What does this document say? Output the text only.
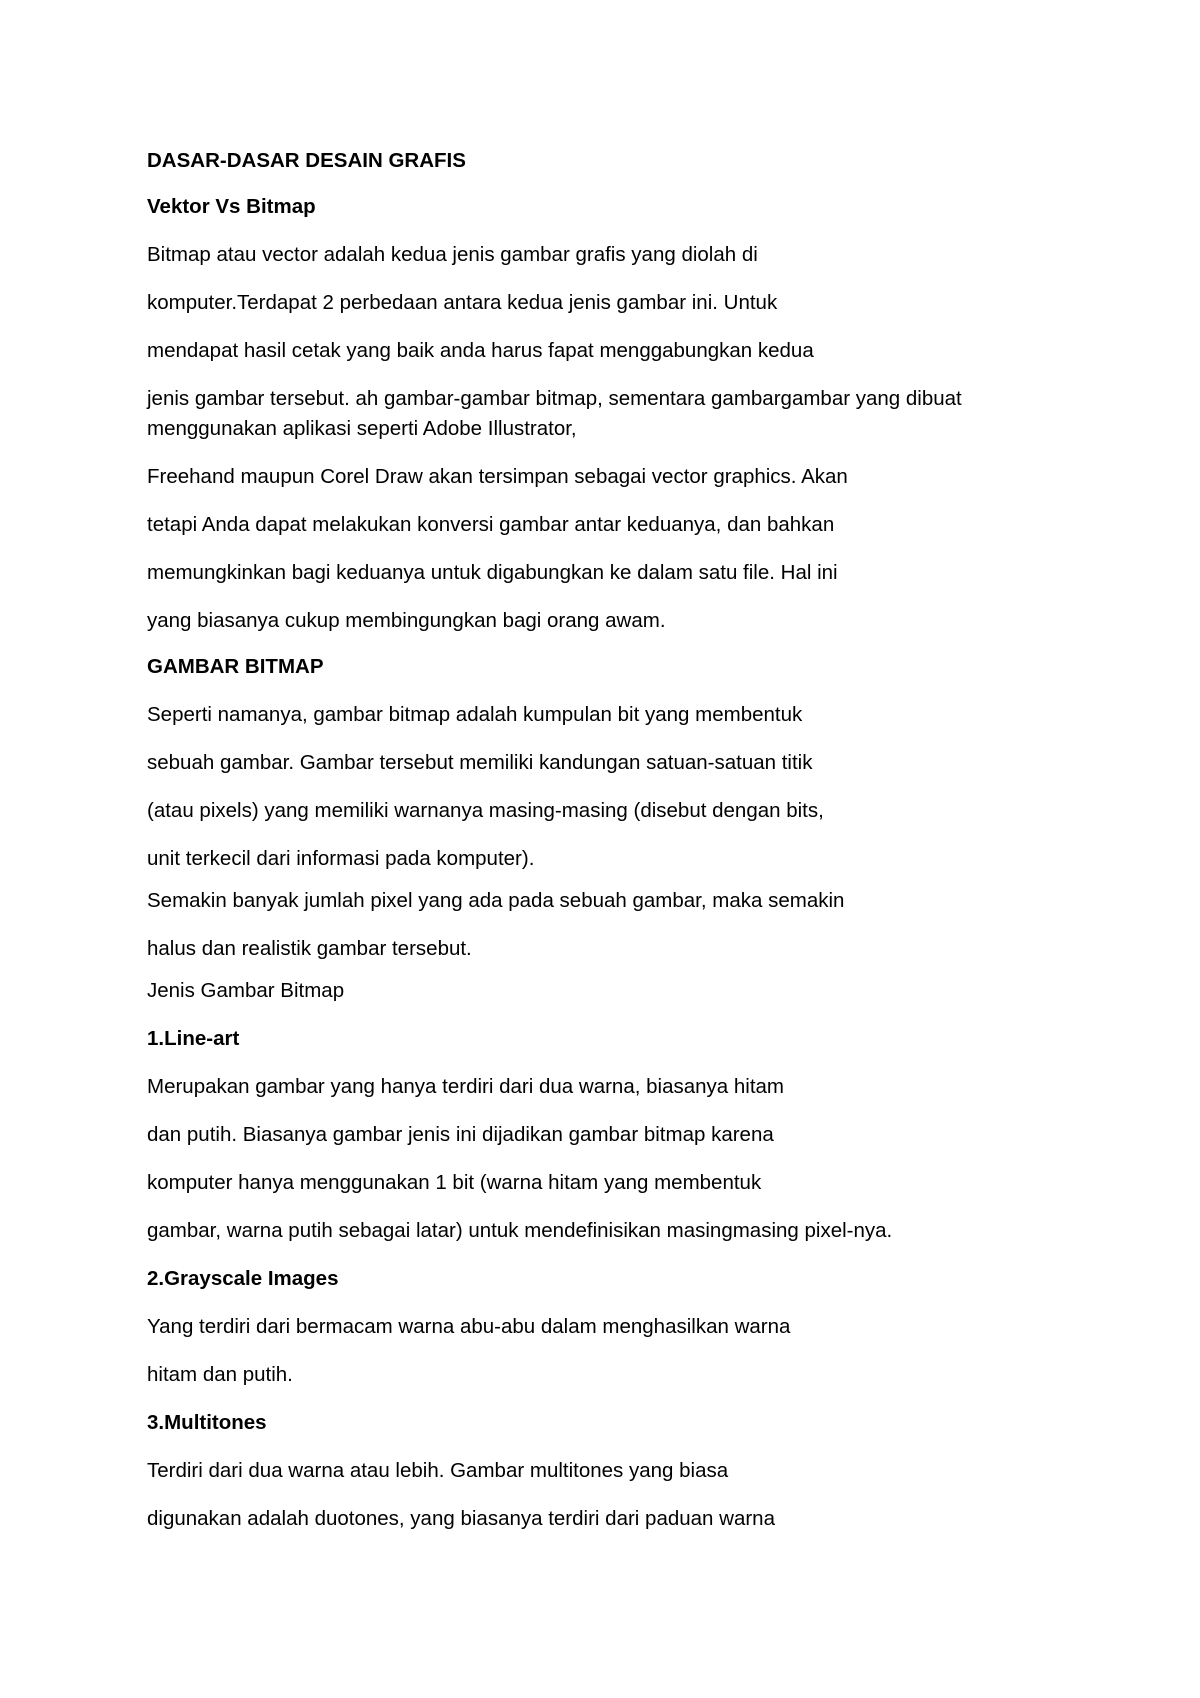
DASAR-DASAR DESAIN GRAFIS
Vektor Vs Bitmap
Bitmap atau vector adalah kedua jenis gambar grafis yang diolah di
komputer.Terdapat 2 perbedaan antara kedua jenis gambar ini. Untuk
mendapat hasil cetak yang baik anda harus fapat menggabungkan kedua
jenis gambar tersebut. ah gambar-gambar bitmap, sementara gambargambar yang dibuat menggunakan aplikasi seperti Adobe Illustrator,
Freehand maupun Corel Draw akan tersimpan sebagai vector graphics. Akan
tetapi Anda dapat melakukan konversi gambar antar keduanya, dan bahkan
memungkinkan bagi keduanya untuk digabungkan ke dalam satu file. Hal ini
yang biasanya cukup membingungkan bagi orang awam.
GAMBAR BITMAP
Seperti namanya, gambar bitmap adalah kumpulan bit yang membentuk
sebuah gambar. Gambar tersebut memiliki kandungan satuan-satuan titik
(atau pixels) yang memiliki warnanya masing-masing (disebut dengan bits,
unit terkecil dari informasi pada komputer).
Semakin banyak jumlah pixel yang ada pada sebuah gambar, maka semakin
halus dan realistik gambar tersebut.
Jenis Gambar Bitmap
1.Line-art
Merupakan gambar yang hanya terdiri dari dua warna, biasanya hitam
dan putih. Biasanya gambar jenis ini dijadikan gambar bitmap karena
komputer hanya menggunakan 1 bit (warna hitam yang membentuk
gambar, warna putih sebagai latar) untuk mendefinisikan masingmasing pixel-nya.
2.Grayscale Images
Yang terdiri dari bermacam warna abu-abu dalam menghasilkan warna
hitam dan putih.
3.Multitones
Terdiri dari dua warna atau lebih. Gambar multitones yang biasa
digunakan adalah duotones, yang biasanya terdiri dari paduan warna
